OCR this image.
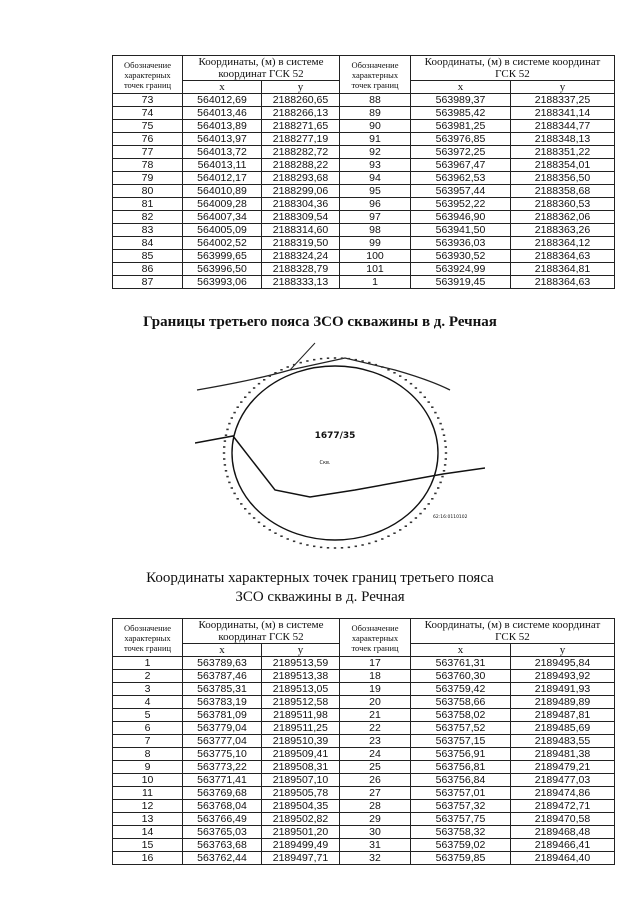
Обозначение характерных точек границ	Координаты, (м) в системе координат ГСК 52		Обозначение характерных точек границ	Координаты, (м) в системе координат ГСК 52	
	x	y		x	y
73	564012,69	2188260,65	88	563989,37	2188337,25
74	564013,46	2188266,13	89	563985,42	2188341,14
75	564013,89	2188271,65	90	563981,25	2188344,77
76	564013,97	2188277,19	91	563976,85	2188348,13
77	564013,72	2188282,72	92	563972,25	2188351,22
78	564013,11	2188288,22	93	563967,47	2188354,01
79	564012,17	2188293,68	94	563962,53	2188356,50
80	564010,89	2188299,06	95	563957,44	2188358,68
81	564009,28	2188304,36	96	563952,22	2188360,53
82	564007,34	2188309,54	97	563946,90	2188362,06
83	564005,09	2188314,60	98	563941,50	2188363,26
84	564002,52	2188319,50	99	563936,03	2188364,12
85	563999,65	2188324,24	100	563930,52	2188364,63
86	563996,50	2188328,79	101	563924,99	2188364,81
87	563993,06	2188333,13	1	563919,45	2188364,63
Границы третьего пояса ЗСО скважины в д. Речная
1677/35
Скв.
62:16:0110102
Координаты характерных точек границ третьего пояса ЗСО скважины в д. Речная
Обозначение характерных точек границ	Координаты, (м) в системе координат ГСК 52		Обозначение характерных точек границ	Координаты, (м) в системе координат ГСК 52	
	x	y		x	y
1	563789,63	2189513,59	17	563761,31	2189495,84
2	563787,46	2189513,38	18	563760,30	2189493,92
3	563785,31	2189513,05	19	563759,42	2189491,93
4	563783,19	2189512,58	20	563758,66	2189489,89
5	563781,09	2189511,98	21	563758,02	2189487,81
6	563779,04	2189511,25	22	563757,52	2189485,69
7	563777,04	2189510,39	23	563757,15	2189483,55
8	563775,10	2189509,41	24	563756,91	2189481,38
9	563773,22	2189508,31	25	563756,81	2189479,21
10	563771,41	2189507,10	26	563756,84	2189477,03
11	563769,68	2189505,78	27	563757,01	2189474,86
12	563768,04	2189504,35	28	563757,32	2189472,71
13	563766,49	2189502,82	29	563757,75	2189470,58
14	563765,03	2189501,20	30	563758,32	2189468,48
15	563763,68	2189499,49	31	563759,02	2189466,41
16	563762,44	2189497,71	32	563759,85	2189464,40
